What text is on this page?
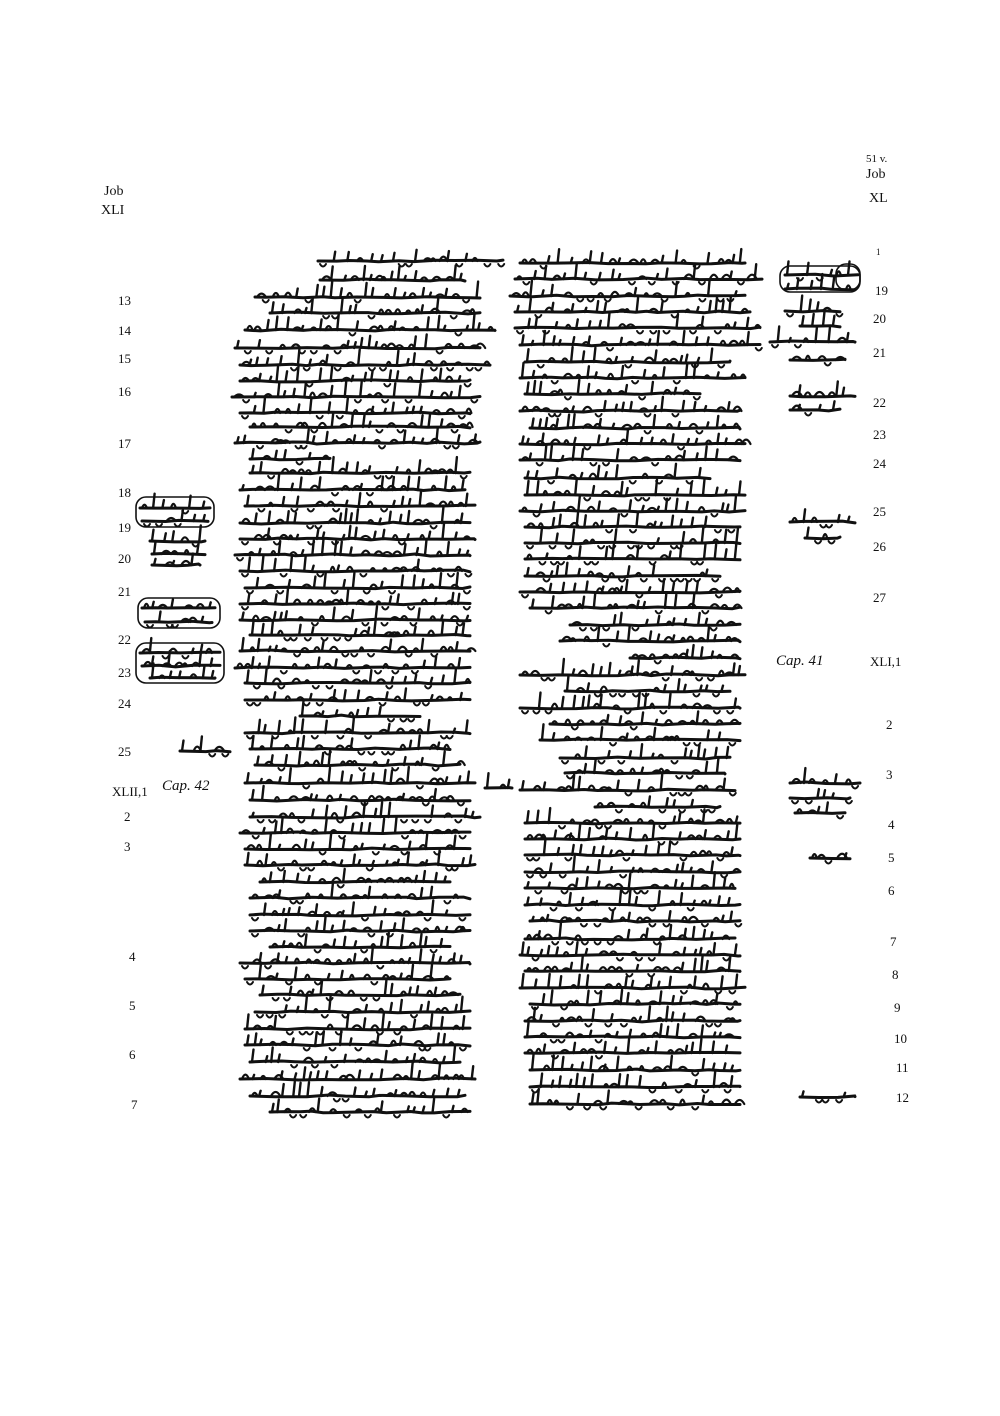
Job
XLI
51 v.
Job
XL
13
14
15
16
17
18
19
20
21
22
23
24
25
XLII,1
2
3
4
5
6
7
Cap. 42
1
19
20
21
22
23
24
25
26
27
XLI,1
2
3
4
5
6
7
8
9
10
11
12
Cap. 41
